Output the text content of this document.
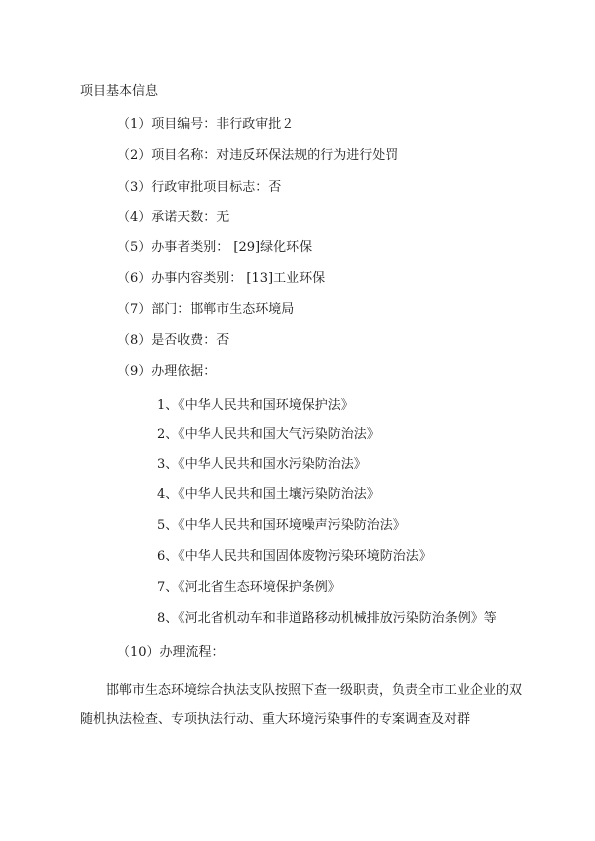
项目基本信息
（1）项目编号：非行政审批２
（2）项目名称：对违反环保法规的行为进行处罚
（3）行政审批项目标志：否
（4）承诺天数：无
（5）办事者类别： [29]绿化环保
（6）办事内容类别： [13]工业环保
（7）部门：邯郸市生态环境局
（8）是否收费：否
（9）办理依据：
1、《中华人民共和国环境保护法》
2、《中华人民共和国大气污染防治法》
3、《中华人民共和国水污染防治法》
4、《中华人民共和国土壤污染防治法》
5、《中华人民共和国环境噪声污染防治法》
6、《中华人民共和国固体废物污染环境防治法》
7、《河北省生态环境保护条例》
8、《河北省机动车和非道路移动机械排放污染防治条例》等
（10）办理流程：
邯郸市生态环境综合执法支队按照下查一级职责，负责全市工业企业的双随机执法检查、专项执法行动、重大环境污染事件的专案调查及对群
